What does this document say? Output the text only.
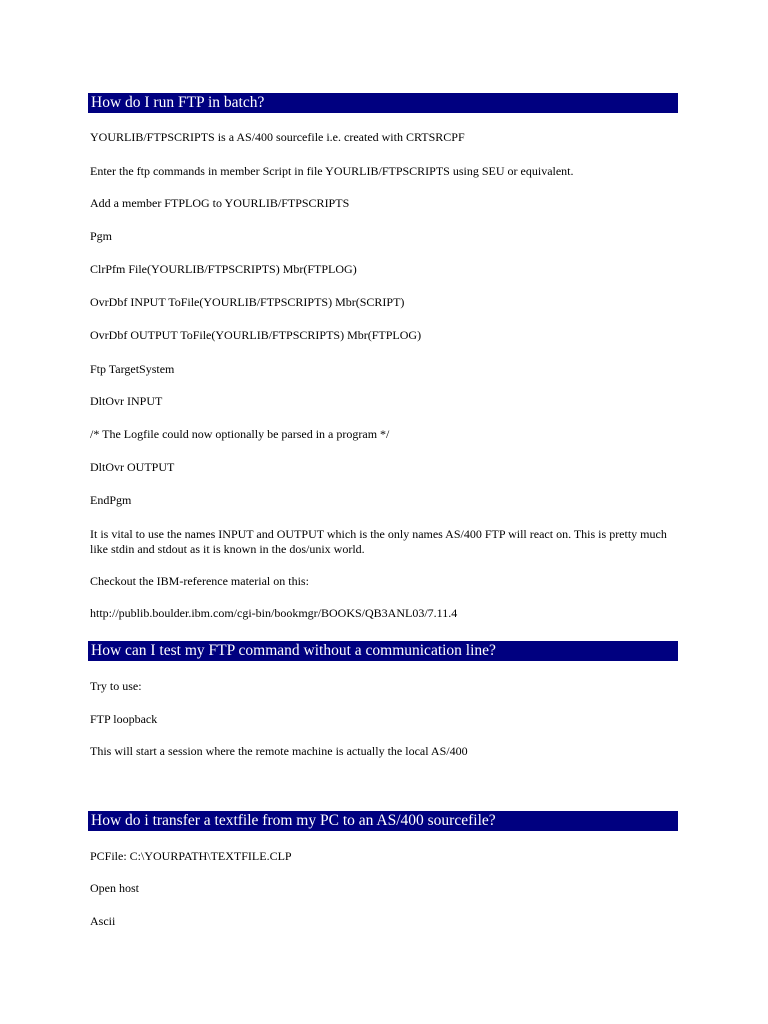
How do I run FTP in batch?
YOURLIB/FTPSCRIPTS is a AS/400 sourcefile i.e. created with CRTSRCPF
Enter the ftp commands in member Script in file YOURLIB/FTPSCRIPTS using SEU or equivalent.
Add a member FTPLOG to YOURLIB/FTPSCRIPTS
Pgm
ClrPfm File(YOURLIB/FTPSCRIPTS) Mbr(FTPLOG)
OvrDbf INPUT ToFile(YOURLIB/FTPSCRIPTS) Mbr(SCRIPT)
OvrDbf OUTPUT ToFile(YOURLIB/FTPSCRIPTS) Mbr(FTPLOG)
Ftp TargetSystem
DltOvr INPUT
/* The Logfile could now optionally be parsed in a program */
DltOvr OUTPUT
EndPgm
It is vital to use the names INPUT and OUTPUT which is the only names AS/400 FTP will react on. This is pretty much like stdin and stdout as it is known in the dos/unix world.
Checkout the IBM-reference material on this:
http://publib.boulder.ibm.com/cgi-bin/bookmgr/BOOKS/QB3ANL03/7.11.4
How can I test my FTP command without a communication line?
Try to use:
FTP loopback
This will start a session where the remote machine is actually the local AS/400
How do i transfer a textfile from my PC to an AS/400 sourcefile?
PCFile: C:\YOURPATH\TEXTFILE.CLP
Open host
Ascii
